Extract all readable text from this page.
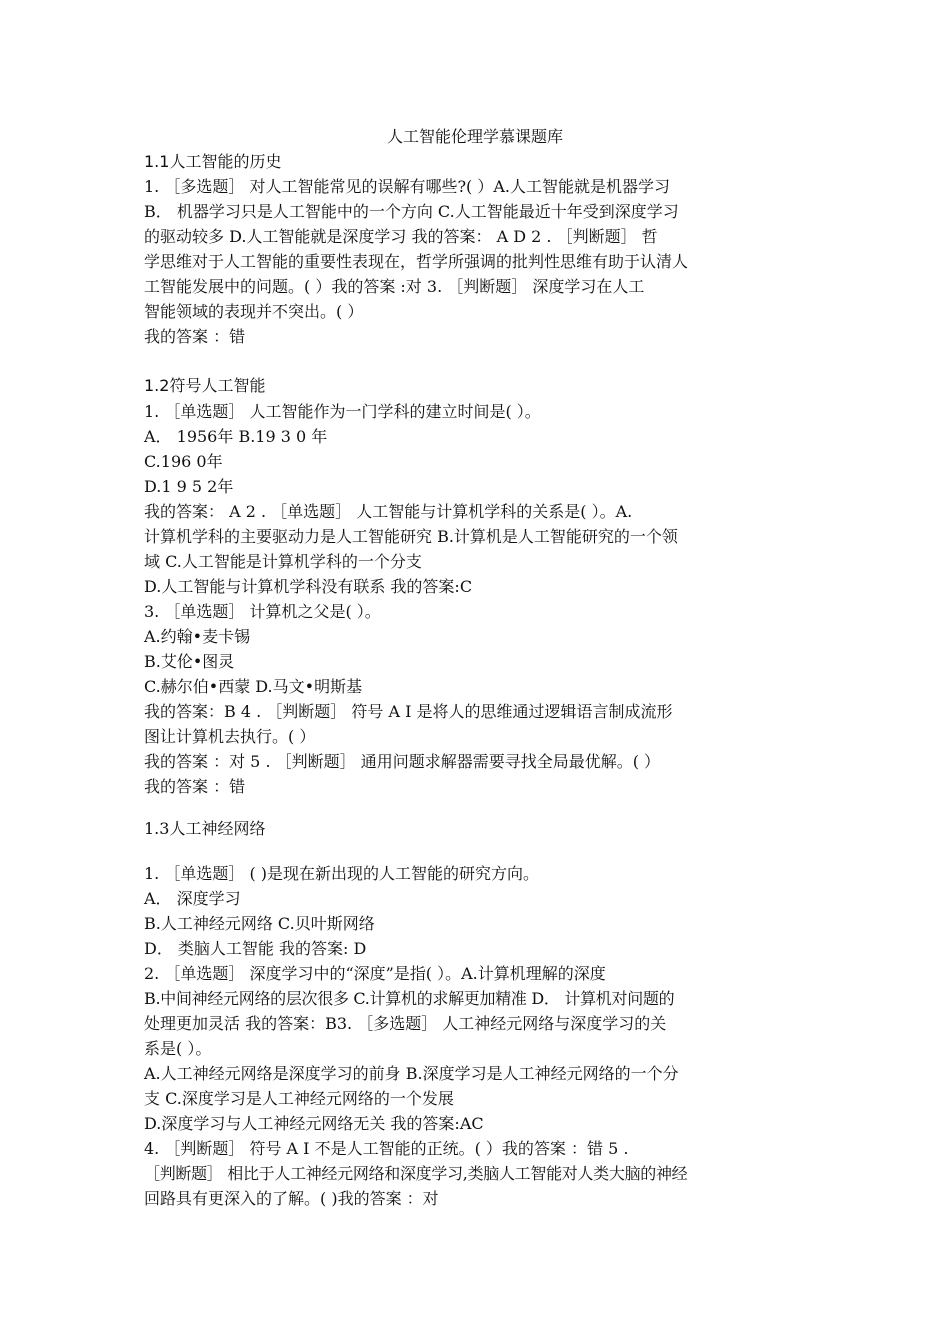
人工智能伦理学慕课题库
1.1人工智能的历史
1. ［多选题］ 对人工智能常见的误解有哪些?( ）A.人工智能就是机器学习
B． 机器学习只是人工智能中的一个方向 C.人工智能最近十年受到深度学习
的驱动较多 D.人工智能就是深度学习 我的答案： A D 2 . ［判断题］ 哲
学思维对于人工智能的重要性表现在，哲学所强调的批判性思维有助于认清人
工智能发展中的问题。( ）我的答案 :对 3. ［判断题］ 深度学习在人工
智能领域的表现并不突出。( ）
我的答案 ：错
1.2符号人工智能
1. ［单选题］ 人工智能作为一门学科的建立时间是( ）。
A． 1956年 B.19 3 0 年
C.196 0年
D.1 9 5 2年
我的答案： A 2 . ［单选题］ 人工智能与计算机学科的关系是( ）。A.
计算机学科的主要驱动力是人工智能研究 B.计算机是人工智能研究的一个领
域 C.人工智能是计算机学科的一个分支
D.人工智能与计算机学科没有联系 我的答案:C
3. ［单选题］ 计算机之父是( ）。
A.约翰•麦卡锡
B.艾伦•图灵
C.赫尔伯•西蒙 D.马文•明斯基
我的答案：B 4 . ［判断题］ 符号 A I 是将人的思维通过逻辑语言制成流形
图让计算机去执行。( ）
我的答案 ：对 5 . ［判断题］ 通用问题求解器需要寻找全局最优解。( ）
我的答案 ：错
1.3人工神经网络
1. ［单选题］ ( )是现在新出现的人工智能的研究方向。
A． 深度学习
B.人工神经元网络 C.贝叶斯网络
D． 类脑人工智能 我的答案: D
2. ［单选题］ 深度学习中的“深度”是指( ）。A.计算机理解的深度
B.中间神经元网络的层次很多 C.计算机的求解更加精准 D． 计算机对问题的
处理更加灵活 我的答案：B3. ［多选题］ 人工神经元网络与深度学习的关
系是( ）。
A.人工神经元网络是深度学习的前身 B.深度学习是人工神经元网络的一个分
支 C.深度学习是人工神经元网络的一个发展
D.深度学习与人工神经元网络无关 我的答案:AC
4. ［判断题］ 符号 A I 不是人工智能的正统。( ）我的答案 ：错 5 .
［判断题］ 相比于人工神经元网络和深度学习,类脑人工智能对人类大脑的神经
回路具有更深入的了解。( )我的答案 ：对
